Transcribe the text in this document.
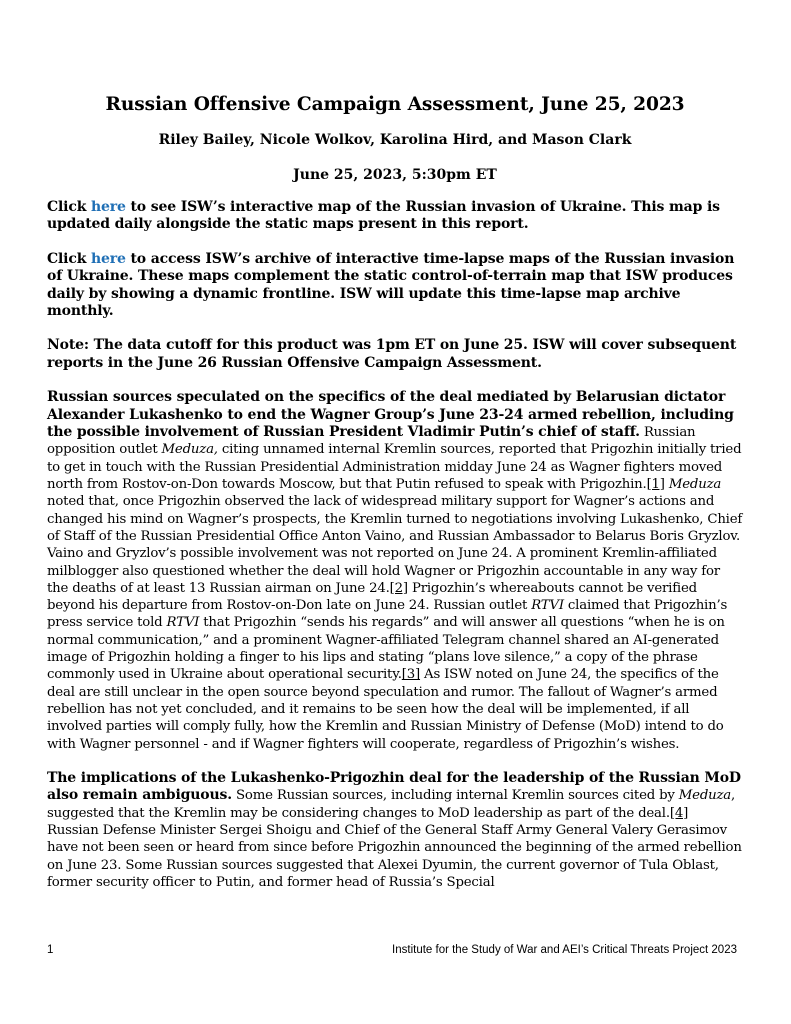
Russian Offensive Campaign Assessment, June 25, 2023

Riley Bailey, Nicole Wolkov, Karolina Hird, and Mason Clark

June 25, 2023, 5:30pm ET

Click here to see ISW’s interactive map of the Russian invasion of Ukraine. This map is updated daily alongside the static maps present in this report.

Click here to access ISW’s archive of interactive time-lapse maps of the Russian invasion of Ukraine. These maps complement the static control-of-terrain map that ISW produces daily by showing a dynamic frontline. ISW will update this time-lapse map archive monthly.

Note: The data cutoff for this product was 1pm ET on June 25. ISW will cover subsequent reports in the June 26 Russian Offensive Campaign Assessment.

Russian sources speculated on the specifics of the deal mediated by Belarusian dictator Alexander Lukashenko to end the Wagner Group’s June 23-24 armed rebellion, including the possible involvement of Russian President Vladimir Putin’s chief of staff. Russian opposition outlet Meduza, citing unnamed internal Kremlin sources, reported that Prigozhin initially tried to get in touch with the Russian Presidential Administration midday June 24 as Wagner fighters moved north from Rostov-on-Don towards Moscow, but that Putin refused to speak with Prigozhin.[1] Meduza noted that, once Prigozhin observed the lack of widespread military support for Wagner’s actions and changed his mind on Wagner’s prospects, the Kremlin turned to negotiations involving Lukashenko, Chief of Staff of the Russian Presidential Office Anton Vaino, and Russian Ambassador to Belarus Boris Gryzlov. Vaino and Gryzlov’s possible involvement was not reported on June 24. A prominent Kremlin-affiliated milblogger also questioned whether the deal will hold Wagner or Prigozhin accountable in any way for the deaths of at least 13 Russian airman on June 24.[2] Prigozhin’s whereabouts cannot be verified beyond his departure from Rostov-on-Don late on June 24. Russian outlet RTVI claimed that Prigozhin’s press service told RTVI that Prigozhin “sends his regards” and will answer all questions “when he is on normal communication,” and a prominent Wagner-affiliated Telegram channel shared an AI-generated image of Prigozhin holding a finger to his lips and stating “plans love silence,” a copy of the phrase commonly used in Ukraine about operational security.[3] As ISW noted on June 24, the specifics of the deal are still unclear in the open source beyond speculation and rumor. The fallout of Wagner’s armed rebellion has not yet concluded, and it remains to be seen how the deal will be implemented, if all involved parties will comply fully, how the Kremlin and Russian Ministry of Defense (MoD) intend to do with Wagner personnel - and if Wagner fighters will cooperate, regardless of Prigozhin’s wishes.

The implications of the Lukashenko-Prigozhin deal for the leadership of the Russian MoD also remain ambiguous. Some Russian sources, including internal Kremlin sources cited by Meduza, suggested that the Kremlin may be considering changes to MoD leadership as part of the deal.[4] Russian Defense Minister Sergei Shoigu and Chief of the General Staff Army General Valery Gerasimov have not been seen or heard from since before Prigozhin announced the beginning of the armed rebellion on June 23. Some Russian sources suggested that Alexei Dyumin, the current governor of Tula Oblast, former security officer to Putin, and former head of Russia’s Special

1	Institute for the Study of War and AEI’s Critical Threats Project 2023
